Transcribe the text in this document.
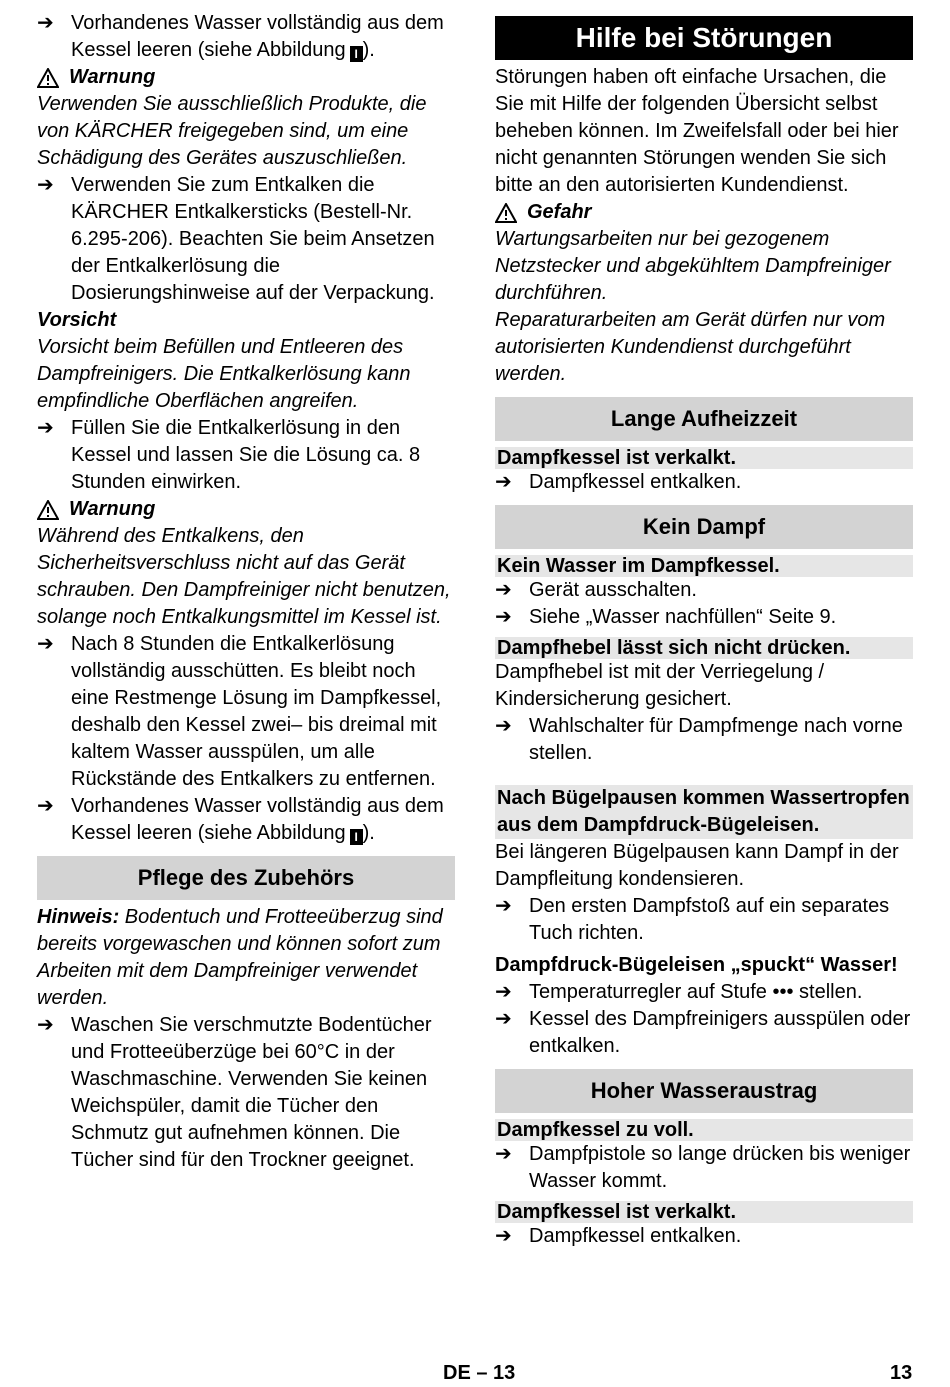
➔ Vorhandenes Wasser vollständig aus dem Kessel leeren (siehe Abbildung I ).

Warnung

Verwenden Sie ausschließlich Produkte, die von KÄRCHER freigegeben sind, um eine Schädigung des Gerätes auszuschließen.

➔ Verwenden Sie zum Entkalken die KÄRCHER Entkalkersticks (Bestell-Nr. 6.295-206). Beachten Sie beim Ansetzen der Entkalkerlösung die Dosierungshinweise auf der Verpackung.

Vorsicht

Vorsicht beim Befüllen und Entleeren des Dampfreinigers. Die Entkalkerlösung kann empfindliche Oberflächen angreifen.

➔ Füllen Sie die Entkalkerlösung in den Kessel und lassen Sie die Lösung ca. 8 Stunden einwirken.

Warnung

Während des Entkalkens, den Sicherheitsverschluss nicht auf das Gerät schrauben. Den Dampfreiniger nicht benutzen, solange noch Entkalkungsmittel im Kessel ist.

➔ Nach 8 Stunden die Entkalkerlösung vollständig ausschütten. Es bleibt noch eine Restmenge Lösung im Dampfkessel, deshalb den Kessel zwei– bis dreimal mit kaltem Wasser ausspülen, um alle Rückstände des Entkalkers zu entfernen.

➔ Vorhandenes Wasser vollständig aus dem Kessel leeren (siehe Abbildung I ).

Pflege des Zubehörs

Hinweis: Bodentuch und Frotteeüberzug sind bereits vorgewaschen und können sofort zum Arbeiten mit dem Dampfreiniger verwendet werden.

➔ Waschen Sie verschmutzte Bodentücher und Frotteeüberzüge bei 60°C in der Waschmaschine. Verwenden Sie keinen Weichspüler, damit die Tücher den Schmutz gut aufnehmen können. Die Tücher sind für den Trockner geeignet.

Hilfe bei Störungen

Störungen haben oft einfache Ursachen, die Sie mit Hilfe der folgenden Übersicht selbst beheben können. Im Zweifelsfall oder bei hier nicht genannten Störungen wenden Sie sich bitte an den autorisierten Kundendienst.

Gefahr

Wartungsarbeiten nur bei gezogenem Netzstecker und abgekühltem Dampfreiniger durchführen.

Reparaturarbeiten am Gerät dürfen nur vom autorisierten Kundendienst durchgeführt werden.

Lange Aufheizzeit
Dampfkessel ist verkalkt.

➔ Dampfkessel entkalken.

Kein Dampf
Kein Wasser im Dampfkessel.

➔ Gerät ausschalten.

➔ Siehe „Wasser nachfüllen“ Seite 9.

Dampfhebel lässt sich nicht drücken.

Dampfhebel ist mit der Verriegelung / Kindersicherung gesichert.

➔ Wahlschalter für Dampfmenge nach vorne stellen.

Nach Bügelpausen kommen Wassertropfen aus dem Dampfdruck-Bügeleisen.

Bei längeren Bügelpausen kann Dampf in der Dampfleitung kondensieren.

➔ Den ersten Dampfstoß auf ein separates Tuch richten.

Dampfdruck-Bügeleisen „spuckt“ Wasser!

➔ Temperaturregler auf Stufe ••• stellen.

➔ Kessel des Dampfreinigers ausspülen oder entkalken.

Hoher Wasseraustrag
Dampfkessel zu voll.

➔ Dampfpistole so lange drücken bis weniger Wasser kommt.

Dampfkessel ist verkalkt.

➔ Dampfkessel entkalken.

DE – 13	13
